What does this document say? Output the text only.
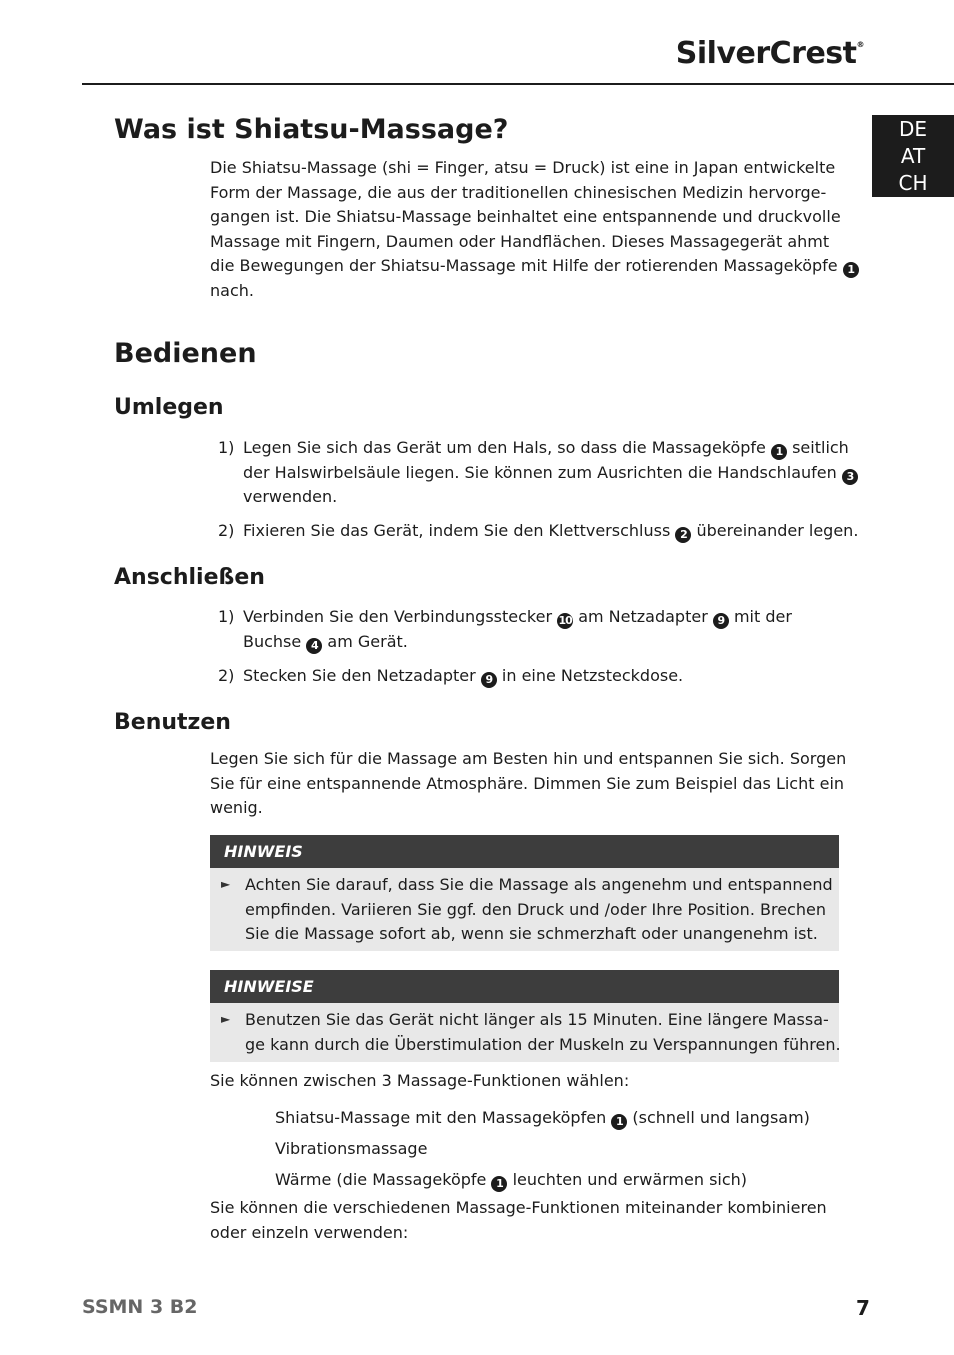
SilverCrest®
DE
AT
CH
Was ist Shiatsu-Massage?
Die Shiatsu-Massage (shi = Finger, atsu = Druck) ist eine in Japan entwickelte
Form der Massage, die aus der traditionellen chinesischen Medizin hervorge-
gangen ist. Die Shiatsu-Massage beinhaltet eine entspannende und druckvolle
Massage mit Fingern, Daumen oder Handflächen. Dieses Massagegerät ahmt
die Bewegungen der Shiatsu-Massage mit Hilfe der rotierenden Massageköpfe 1
nach.
Bedienen
Umlegen
1) Legen Sie sich das Gerät um den Hals, so dass die Massageköpfe 1 seitlich
der Halswirbelsäule liegen. Sie können zum Ausrichten die Handschlaufen 3
verwenden.
2) Fixieren Sie das Gerät, indem Sie den Klettverschluss 2 übereinander legen.
Anschließen
1) Verbinden Sie den Verbindungsstecker 10 am Netzadapter 9 mit der
Buchse 4 am Gerät.
2) Stecken Sie den Netzadapter 9 in eine Netzsteckdose.
Benutzen
Legen Sie sich für die Massage am Besten hin und entspannen Sie sich. Sorgen
Sie für eine entspannende Atmosphäre. Dimmen Sie zum Beispiel das Licht ein
wenig.
HINWEIS
► Achten Sie darauf, dass Sie die Massage als angenehm und entspannend
empfinden. Variieren Sie ggf. den Druck und /oder Ihre Position. Brechen
Sie die Massage sofort ab, wenn sie schmerzhaft oder unangenehm ist.
HINWEISE
► Benutzen Sie das Gerät nicht länger als 15 Minuten. Eine längere Massa-
ge kann durch die Überstimulation der Muskeln zu Verspannungen führen.
Sie können zwischen 3 Massage-Funktionen wählen:
Shiatsu-Massage mit den Massageköpfen 1 (schnell und langsam)
Vibrationsmassage
Wärme (die Massageköpfe 1 leuchten und erwärmen sich)
Sie können die verschiedenen Massage-Funktionen miteinander kombinieren
oder einzeln verwenden:
SSMN 3 B2	7
